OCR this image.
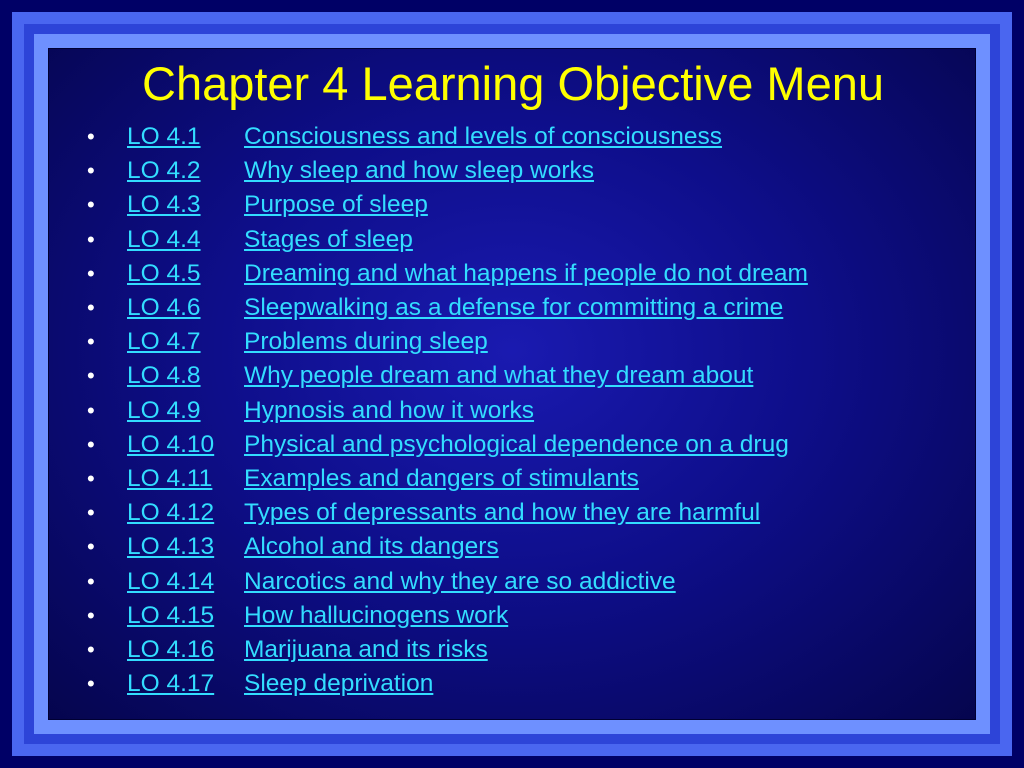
Chapter 4 Learning Objective Menu
•	LO 4.1	Consciousness and levels of consciousness
•	LO 4.2	Why sleep and how sleep works
•	LO 4.3	Purpose of sleep
•	LO 4.4	Stages of sleep
•	LO 4.5	Dreaming and what happens if people do not dream
•	LO 4.6	Sleepwalking as a defense for committing a crime
•	LO 4.7	Problems during sleep
•	LO 4.8	Why people dream and what they dream about
•	LO 4.9	Hypnosis and how it works
•	LO 4.10	Physical and psychological dependence on a drug
•	LO 4.11	Examples and dangers of stimulants
•	LO 4.12	Types of depressants and how they are harmful
•	LO 4.13	Alcohol and its dangers
•	LO 4.14	Narcotics and why they are so addictive
•	LO 4.15	How hallucinogens work
•	LO 4.16	Marijuana and its risks
•	LO 4.17	Sleep deprivation
